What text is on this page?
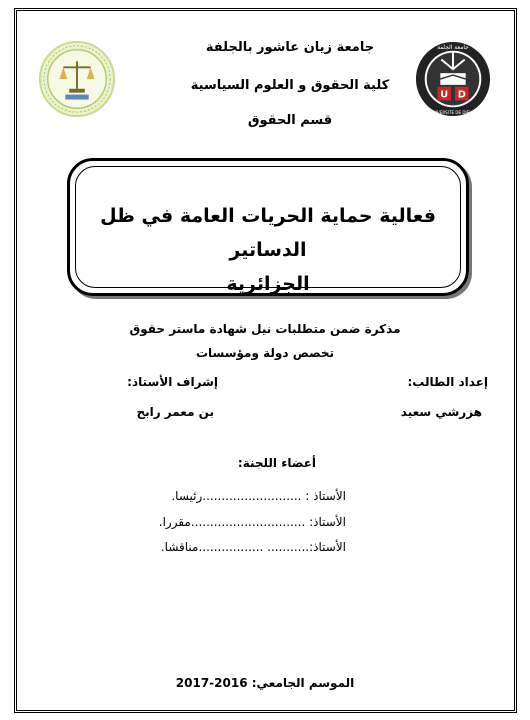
U D
جامعة الجلفة
UNIVERSITE DE DJELFA
جامعة زيان عاشور بالجلفة
كلية الحقوق و العلوم السياسية
قسم الحقوق
فعالية حماية الحريات العامة في ظل الدساتير
الجزائرية
مذكرة ضمن متطلبات نيل شهادة ماستر حقوق
تخصص دولة ومؤسسات
إعداد الطالب:
إشراف الأستاذ:
هزرشي سعيد
بن معمر رابح
أعضاء اللجنة:
الأستاذ : ..........................رئيسا.
الأستاذ: ..............................مقررا.
الأستاذ:........... .................مناقشا.
الموسم الجامعي: 2016-2017
